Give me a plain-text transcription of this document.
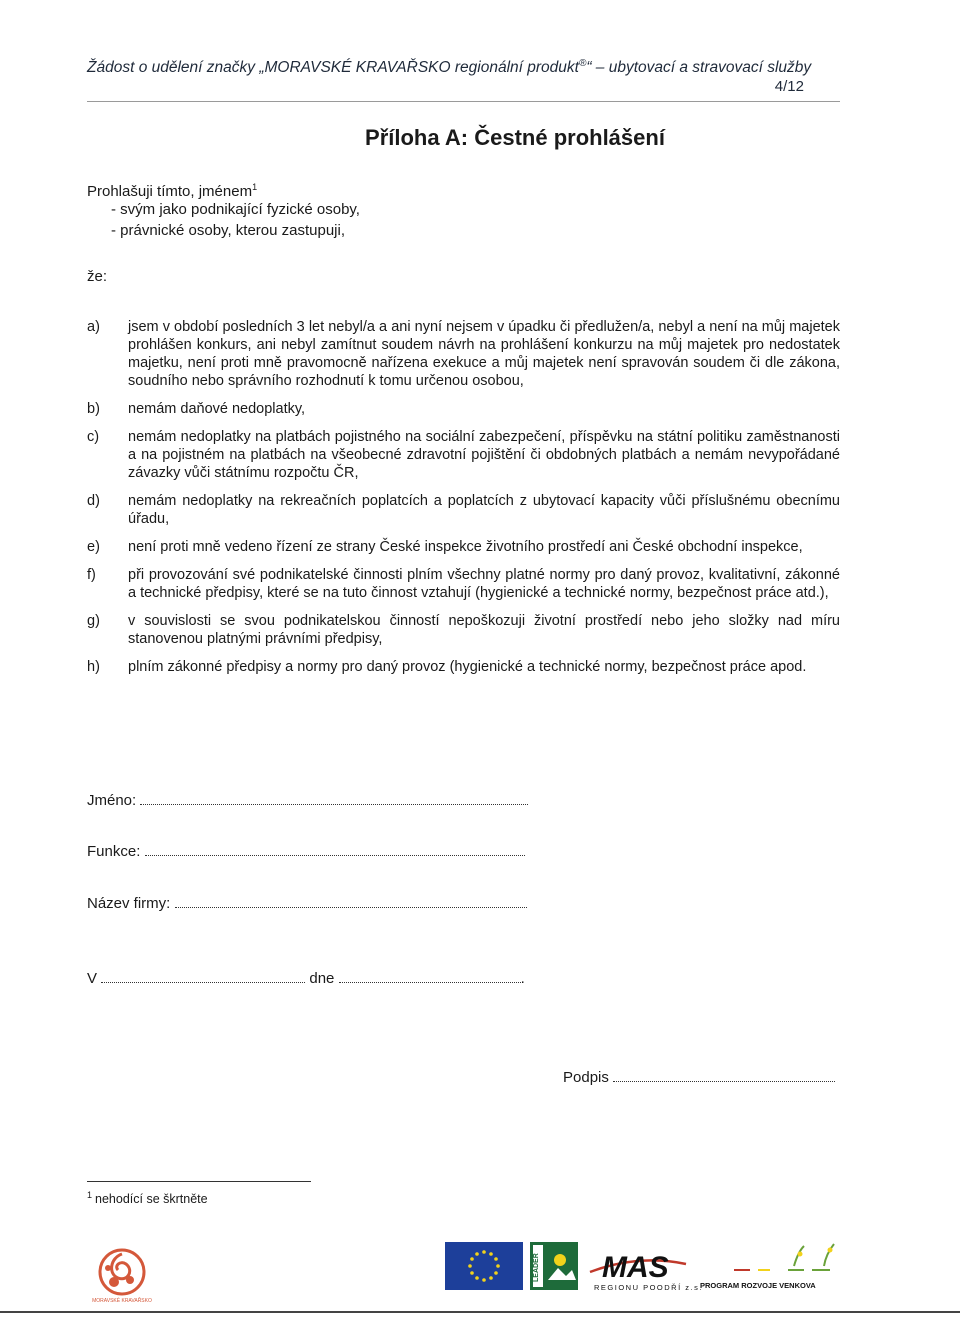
Žádost o udělení značky „MORAVSKÉ KRAVAŘSKO regionální produkt®“ – ubytovací a stravovací služby
4/12
Příloha A: Čestné prohlášení
Prohlašuji tímto, jménem$^1$
- svým jako podnikající fyzické osoby,
- právnické osoby, kterou zastupuji,
že:
a)	jsem v období posledních 3 let nebyl/a a ani nyní nejsem v úpadku či předlužen/a, nebyl a není na můj majetek prohlášen konkurs, ani nebyl zamítnut soudem návrh na prohlášení konkurzu na můj majetek pro nedostatek majetku, není proti mně pravomocně nařízena exekuce a můj majetek není spravován soudem či dle zákona, soudního nebo správního rozhodnutí k tomu určenou osobou,
b)	nemám daňové nedoplatky,
c)	nemám nedoplatky na platbách pojistného na sociální zabezpečení, příspěvku na státní politiku zaměstnanosti a na pojistném na platbách na všeobecné zdravotní pojištění či obdobných platbách a nemám nevypořádané závazky vůči státnímu rozpočtu ČR,
d)	nemám nedoplatky na rekreačních poplatcích a poplatcích z ubytovací kapacity vůči příslušnému obecnímu úřadu,
e)	není proti mně vedeno řízení ze strany České inspekce životního prostředí ani České obchodní inspekce,
f)	při provozování své podnikatelské činnosti plním všechny platné normy pro daný provoz, kvalitativní, zákonné a technické předpisy, které se na tuto činnost vztahují (hygienické a technické normy, bezpečnost práce atd.),
g)	v souvislosti se svou podnikatelskou činností nepoškozuji životní prostředí nebo jeho složky nad míru stanovenou platnými právními předpisy,
h)	plním zákonné předpisy a normy pro daný provoz (hygienické a technické normy, bezpečnost práce apod.
Jméno:
Funkce:
Název firmy:
V	dne	.
Podpis
$^1$ nehodící se škrtněte
MORAVSKÉ KRAVAŘSKO
LEADER MAS
REGIONU POODŘÍ z.s.
PROGRAM ROZVOJE VENKOVA
